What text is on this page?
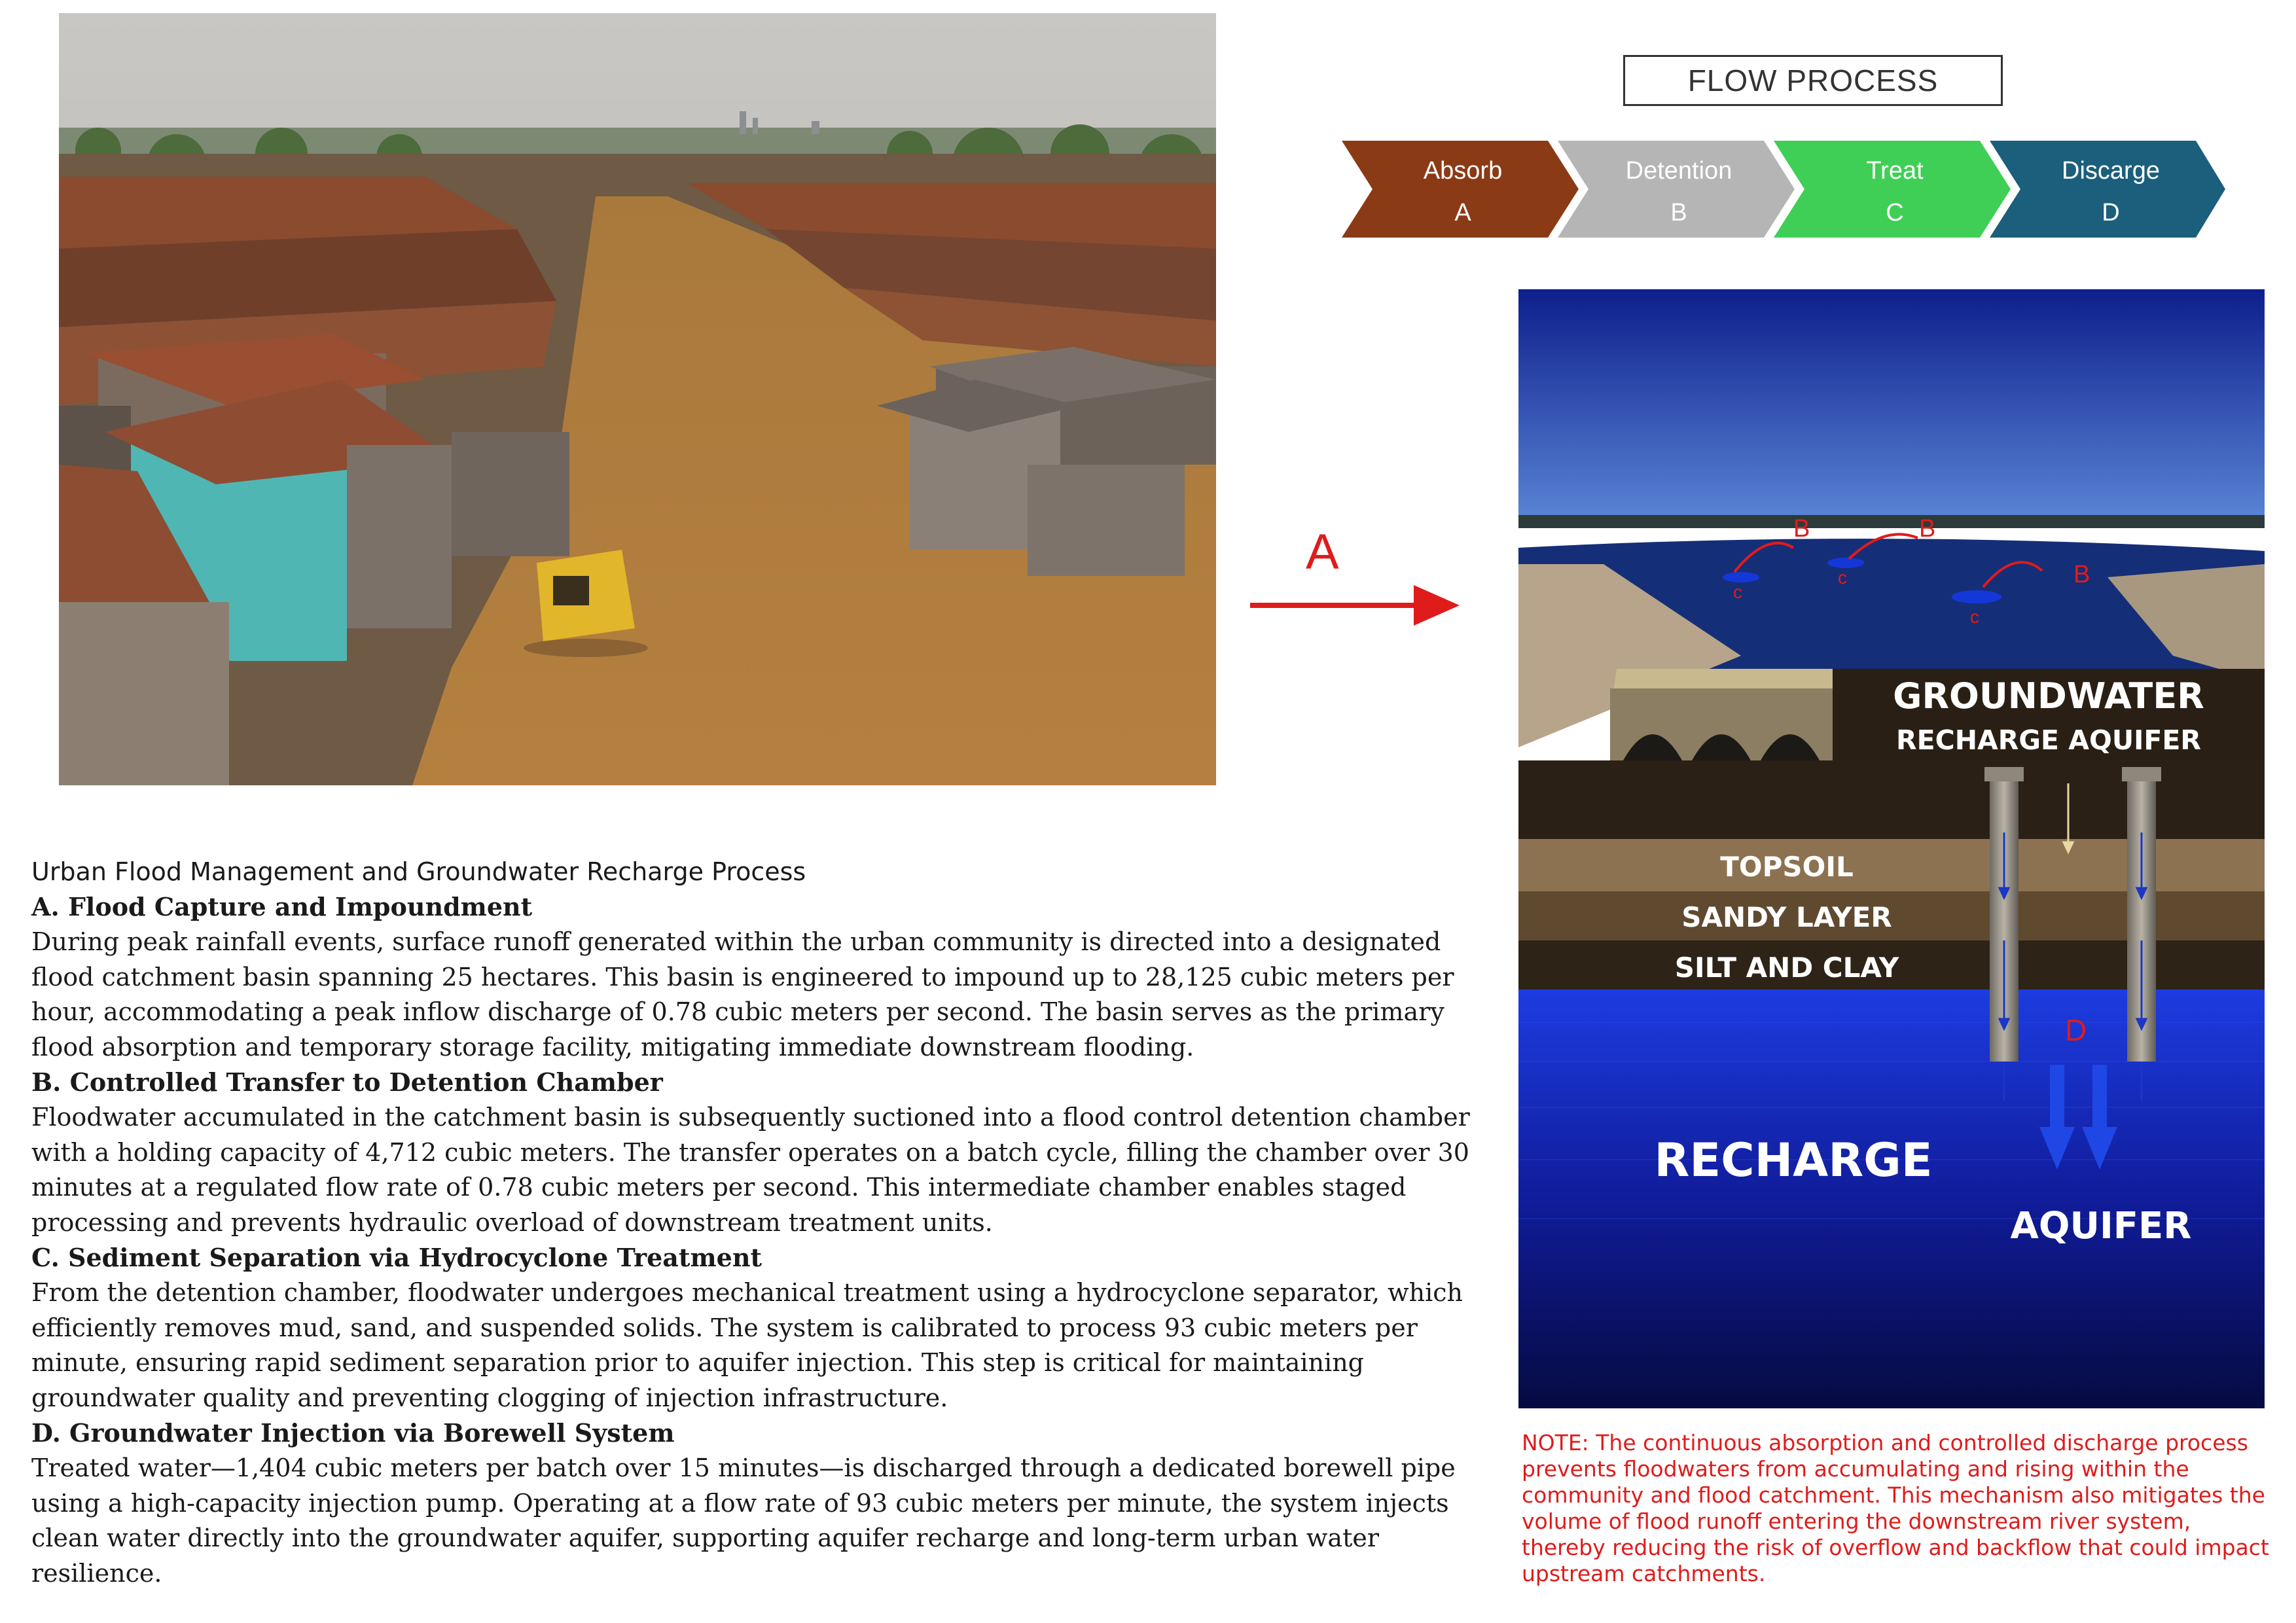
A
FLOW PROCESS
Absorb
A
Detention
B
Treat
C
Discarge
D
B	B
B
c
c
c
GROUNDWATER
RECHARGE AQUIFER
TOPSOIL
SANDY LAYER
SILT AND CLAY
D
RECHARGE
AQUIFER
NOTE: The continuous absorption and controlled discharge process prevents floodwaters from accumulating and rising within the community and flood catchment. This mechanism also mitigates the volume of flood runoff entering the downstream river system, thereby reducing the risk of overflow and backflow that could impact upstream catchments.
Urban Flood Management and Groundwater Recharge Process
A. Flood Capture and Impoundment

During peak rainfall events, surface runoff generated within the urban community is directed into a designated flood catchment basin spanning 25 hectares. This basin is engineered to impound up to 28,125 cubic meters per hour, accommodating a peak inflow discharge of 0.78 cubic meters per second. The basin serves as the primary flood absorption and temporary storage facility, mitigating immediate downstream flooding.

B. Controlled Transfer to Detention Chamber

Floodwater accumulated in the catchment basin is subsequently suctioned into a flood control detention chamber with a holding capacity of 4,712 cubic meters. The transfer operates on a batch cycle, filling the chamber over 30 minutes at a regulated flow rate of 0.78 cubic meters per second. This intermediate chamber enables staged processing and prevents hydraulic overload of downstream treatment units.

C. Sediment Separation via Hydrocyclone Treatment

From the detention chamber, floodwater undergoes mechanical treatment using a hydrocyclone separator, which efficiently removes mud, sand, and suspended solids. The system is calibrated to process 93 cubic meters per minute, ensuring rapid sediment separation prior to aquifer injection. This step is critical for maintaining groundwater quality and preventing clogging of injection infrastructure.

D. Groundwater Injection via Borewell System

Treated water—1,404 cubic meters per batch over 15 minutes—is discharged through a dedicated borewell pipe using a high-capacity injection pump. Operating at a flow rate of 93 cubic meters per minute, the system injects clean water directly into the groundwater aquifer, supporting aquifer recharge and long-term urban water resilience.
